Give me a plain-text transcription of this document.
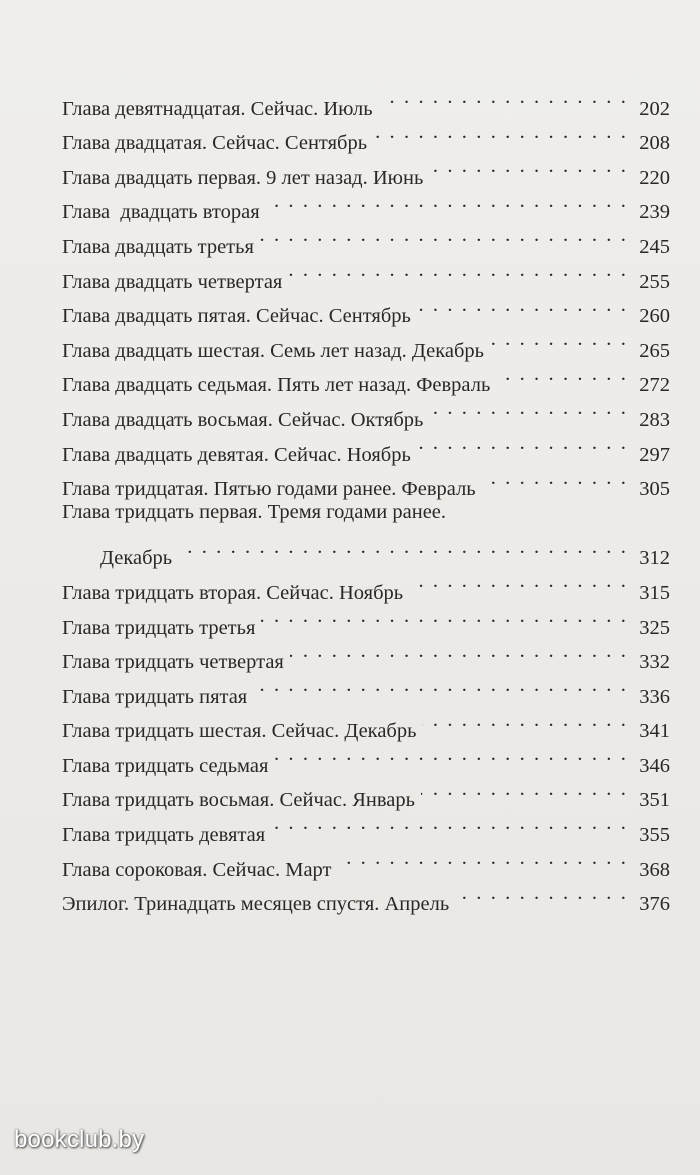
Глава девятнадцатая. Сейчас. Июль . . .	202
Глава двадцатая. Сейчас. Сентябрь . . .	208
Глава двадцать первая. 9 лет назад. Июнь . . .	220
Глава  двадцать вторая . . .	239
Глава двадцать третья . . .	245
Глава двадцать четвертая . . .	255
Глава двадцать пятая. Сейчас. Сентябрь . . .	260
Глава двадцать шестая. Семь лет назад. Декабрь . . .	265
Глава двадцать седьмая. Пять лет назад. Февраль . . .	272
Глава двадцать восьмая. Сейчас. Октябрь . . .	283
Глава двадцать девятая. Сейчас. Ноябрь . . .	297
Глава тридцатая. Пятью годами ранее. Февраль . . .	305
Глава тридцать первая. Тремя годами ранее.
Декабрь . . .	312
Глава тридцать вторая. Сейчас. Ноябрь . . .	315
Глава тридцать третья . . .	325
Глава тридцать четвертая . . .	332
Глава тридцать пятая . . .	336
Глава тридцать шестая. Сейчас. Декабрь . . .	341
Глава тридцать седьмая . . .	346
Глава тридцать восьмая. Сейчас. Январь . . .	351
Глава тридцать девятая . . .	355
Глава сороковая. Сейчас. Март . . .	368
Эпилог. Тринадцать месяцев спустя. Апрель . . .	376
bookclub.by
